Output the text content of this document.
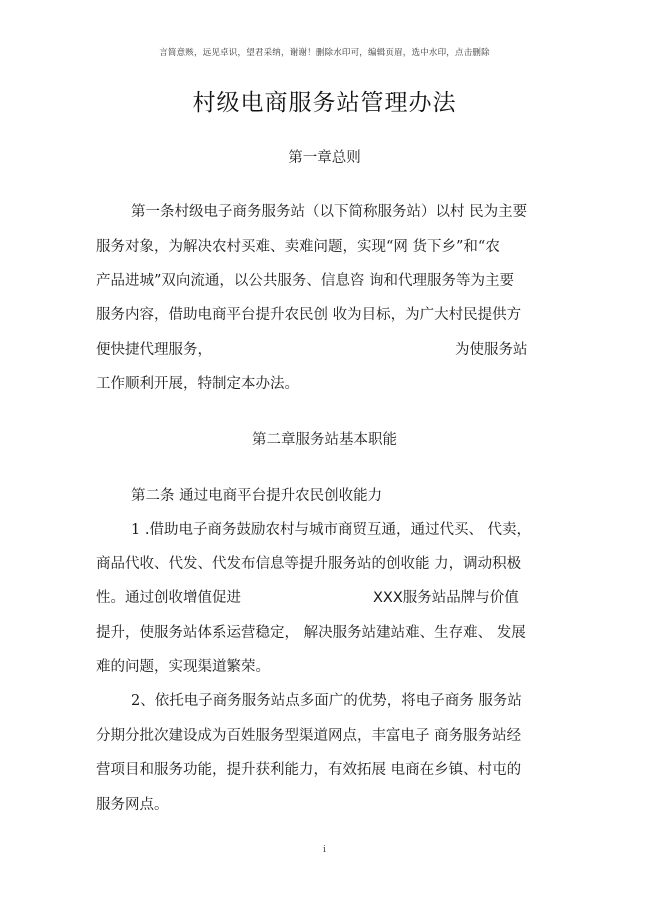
言简意赅，远见卓识，望君采纳，谢谢！删除水印可，编辑页眉，选中水印，点击删除
村级电商服务站管理办法
第一章总则
第一条村级电子商务服务站（以下简称服务站）以村 民为主要
服务对象，为解决农村买难、卖难问题，实现“网 货下乡”和“农
产品进城”双向流通，以公共服务、信息咨 询和代理服务等为主要
服务内容，借助电商平台提升农民创 收为目标，为广大村民提供方
便快捷代理服务，	为使服务站
工作顺利开展，特制定本办法。
第二章服务站基本职能
第二条 通过电商平台提升农民创收能力
1 .借助电子商务鼓励农村与城市商贸互通，通过代买、 代卖，
商品代收、代发、代发布信息等提升服务站的创收能 力，调动积极
性。通过创收增值促进	XXX服务站品牌与价值
提升，使服务站体系运营稳定， 解决服务站建站难、生存难、 发展
难的问题，实现渠道繁荣。
2、依托电子商务服务站点多面广的优势，将电子商务 服务站
分期分批次建设成为百姓服务型渠道网点，丰富电子 商务服务站经
营项目和服务功能，提升获利能力，有效拓展 电商在乡镇、村屯的
服务网点。
i
